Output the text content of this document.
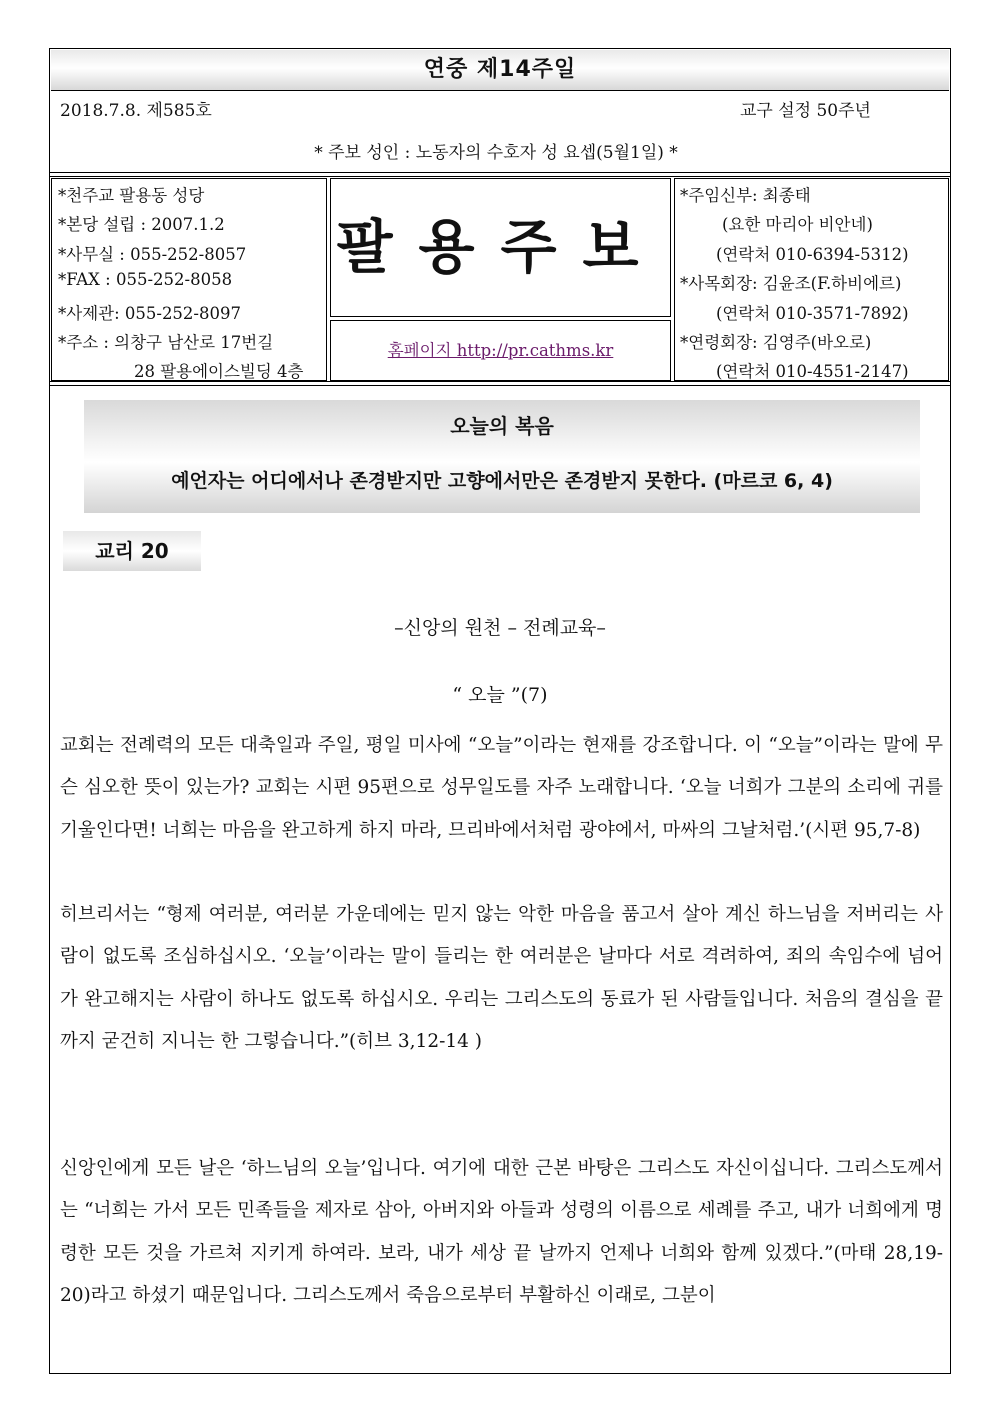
연중 제14주일
2018.7.8. 제585호	교구 설정 50주년
* 주보 성인 : 노동자의 수호자 성 요셉(5월1일) *
*천주교 팔용동 성당
*본당 설립 : 2007.1.2
*사무실 : 055-252-8057
*FAX : 055-252-8058
*사제관: 055-252-8097
*주소 : 의창구 남산로 17번길
28 팔용에이스빌딩 4층
팔용주보
홈페이지 http://pr.cathms.kr
*주임신부: 최종태
(요한 마리아 비안네)
(연락처 010-6394-5312)
*사목회장: 김윤조(F.하비에르)
(연락처 010-3571-7892)
*연령회장: 김영주(바오로)
(연락처 010-4551-2147)
오늘의 복음
예언자는 어디에서나 존경받지만 고향에서만은 존경받지 못한다. (마르코 6, 4)
교리 20
–신앙의 원천 – 전례교육–
“ 오늘 ”(7)

교회는 전례력의 모든 대축일과 주일, 평일 미사에 “오늘”이라는 현재를 강조합니다. 이 “오늘”이라는 말에 무슨 심오한 뜻이 있는가? 교회는 시편 95편으로 성무일도를 자주 노래합니다. ‘오늘 너희가 그분의 소리에 귀를 기울인다면! 너희는 마음을 완고하게 하지 마라, 므리바에서처럼 광야에서, 마싸의 그날처럼.’(시편 95,7-8)

히브리서는 “형제 여러분, 여러분 가운데에는 믿지 않는 악한 마음을 품고서 살아 계신 하느님을 저버리는 사람이 없도록 조심하십시오. ‘오늘’이라는 말이 들리는 한 여러분은 날마다 서로 격려하여, 죄의 속임수에 넘어가 완고해지는 사람이 하나도 없도록 하십시오. 우리는 그리스도의 동료가 된 사람들입니다. 처음의 결심을 끝까지 굳건히 지니는 한 그렇습니다.”(히브 3,12-14 )

신앙인에게 모든 날은 ‘하느님의 오늘’입니다. 여기에 대한 근본 바탕은 그리스도 자신이십니다. 그리스도께서는 “너희는 가서 모든 민족들을 제자로 삼아, 아버지와 아들과 성령의 이름으로 세례를 주고, 내가 너희에게 명령한 모든 것을 가르쳐 지키게 하여라. 보라, 내가 세상 끝 날까지 언제나 너희와 함께 있겠다.”(마태 28,19-20)라고 하셨기 때문입니다. 그리스도께서 죽음으로부터 부활하신 이래로, 그분이
